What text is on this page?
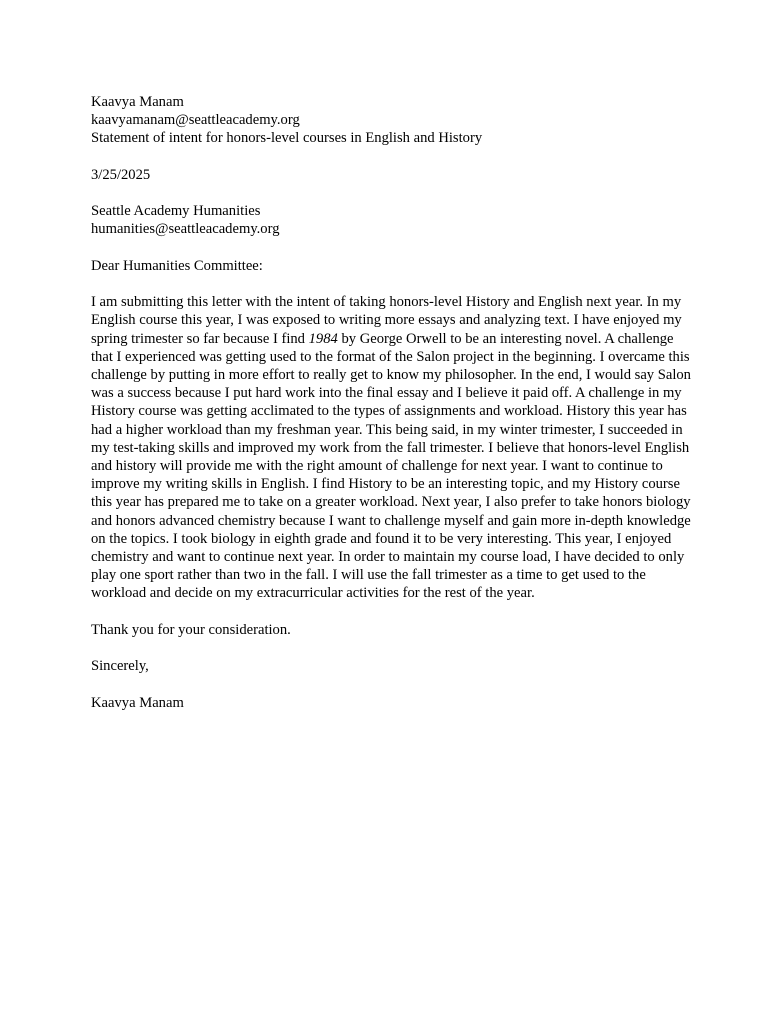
Kaavya Manam
kaavyamanam@seattleacademy.org
Statement of intent for honors-level courses in English and History
3/25/2025
Seattle Academy Humanities
humanities@seattleacademy.org
Dear Humanities Committee:

I am submitting this letter with the intent of taking honors-level History and English next year. In my English course this year, I was exposed to writing more essays and analyzing text. I have enjoyed my spring trimester so far because I find 1984 by George Orwell to be an interesting novel. A challenge that I experienced was getting used to the format of the Salon project in the beginning. I overcame this challenge by putting in more effort to really get to know my philosopher. In the end, I would say Salon was a success because I put hard work into the final essay and I believe it paid off. A challenge in my History course was getting acclimated to the types of assignments and workload. History this year has had a higher workload than my freshman year. This being said, in my winter trimester, I succeeded in my test-taking skills and improved my work from the fall trimester. I believe that honors-level English and history will provide me with the right amount of challenge for next year. I want to continue to improve my writing skills in English. I find History to be an interesting topic, and my History course this year has prepared me to take on a greater workload. Next year, I also prefer to take honors biology and honors advanced chemistry because I want to challenge myself and gain more in-depth knowledge on the topics. I took biology in eighth grade and found it to be very interesting. This year, I enjoyed chemistry and want to continue next year. In order to maintain my course load, I have decided to only play one sport rather than two in the fall. I will use the fall trimester as a time to get used to the workload and decide on my extracurricular activities for the rest of the year.

Thank you for your consideration.
Sincerely,
Kaavya Manam
